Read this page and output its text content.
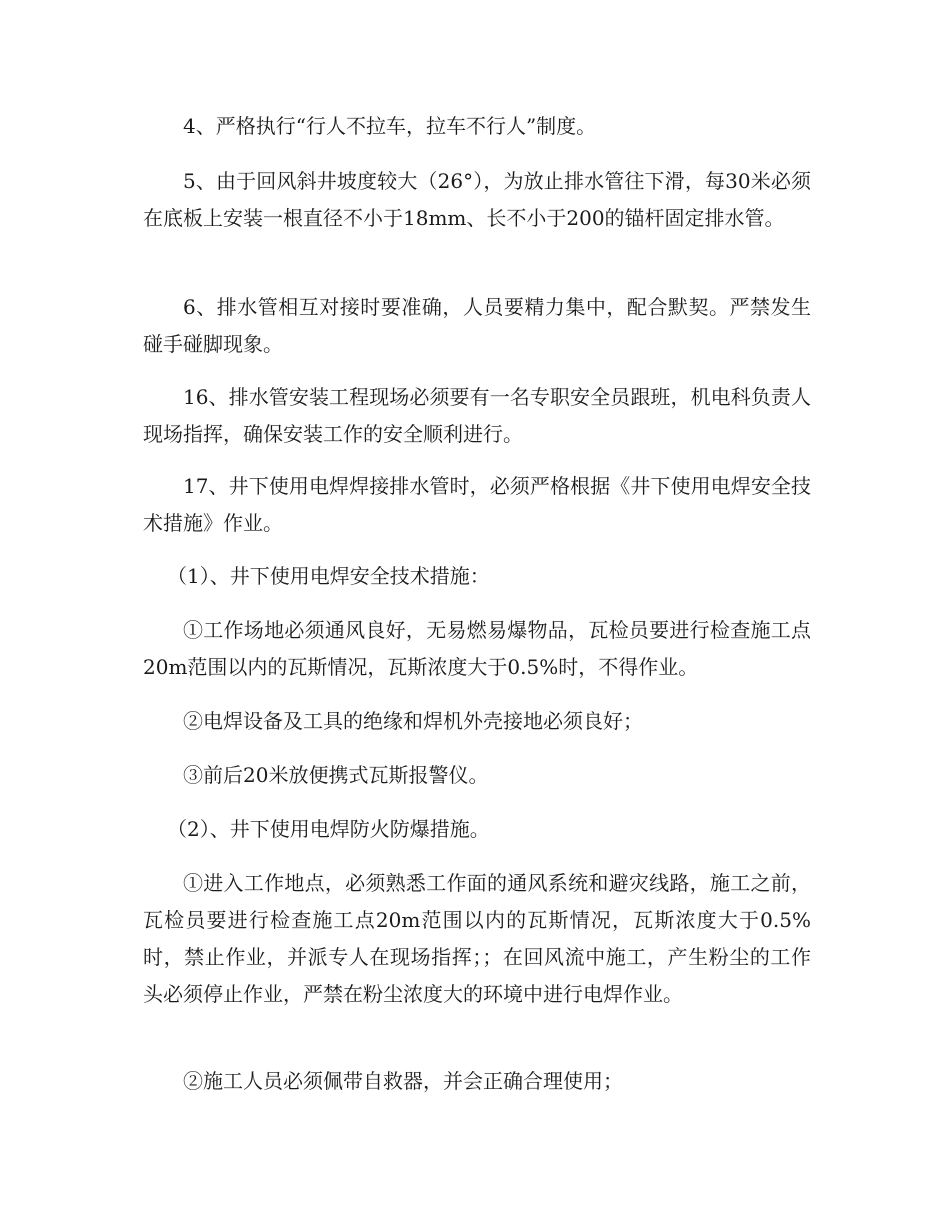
4、严格执行“行人不拉车，拉车不行人”制度。

5、由于回风斜井坡度较大（26°），为放止排水管往下滑，每30米必须在底板上安装一根直径不小于18mm、长不小于200的锚杆固定排水管。

6、排水管相互对接时要准确，人员要精力集中，配合默契。严禁发生碰手碰脚现象。

16、排水管安装工程现场必须要有一名专职安全员跟班，机电科负责人现场指挥，确保安装工作的安全顺利进行。

17、井下使用电焊焊接排水管时，必须严格根据《井下使用电焊安全技术措施》作业。

（1）、井下使用电焊安全技术措施：

①工作场地必须通风良好，无易燃易爆物品，瓦检员要进行检查施工点20m范围以内的瓦斯情况，瓦斯浓度大于0.5%时，不得作业。

②电焊设备及工具的绝缘和焊机外壳接地必须良好；

③前后20米放便携式瓦斯报警仪。

（2）、井下使用电焊防火防爆措施。

①进入工作地点，必须熟悉工作面的通风系统和避灾线路，施工之前，瓦检员要进行检查施工点20m范围以内的瓦斯情况，瓦斯浓度大于0.5%时，禁止作业，并派专人在现场指挥；；在回风流中施工，产生粉尘的工作头必须停止作业，严禁在粉尘浓度大的环境中进行电焊作业。

②施工人员必须佩带自救器，并会正确合理使用；
